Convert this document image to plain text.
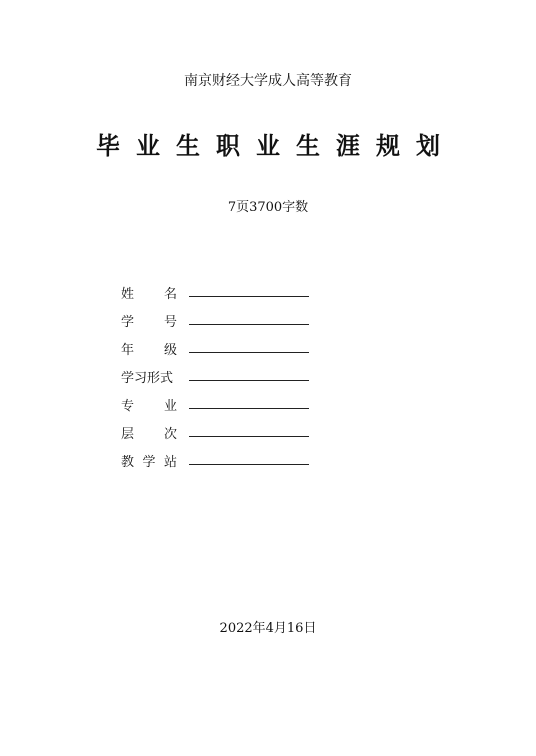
南京财经大学成人高等教育
毕业生职业生涯规划
7页3700字数
姓 名
学 号
年 级
学习形式
专 业
层 次
教 学 站
2022年4月16日
